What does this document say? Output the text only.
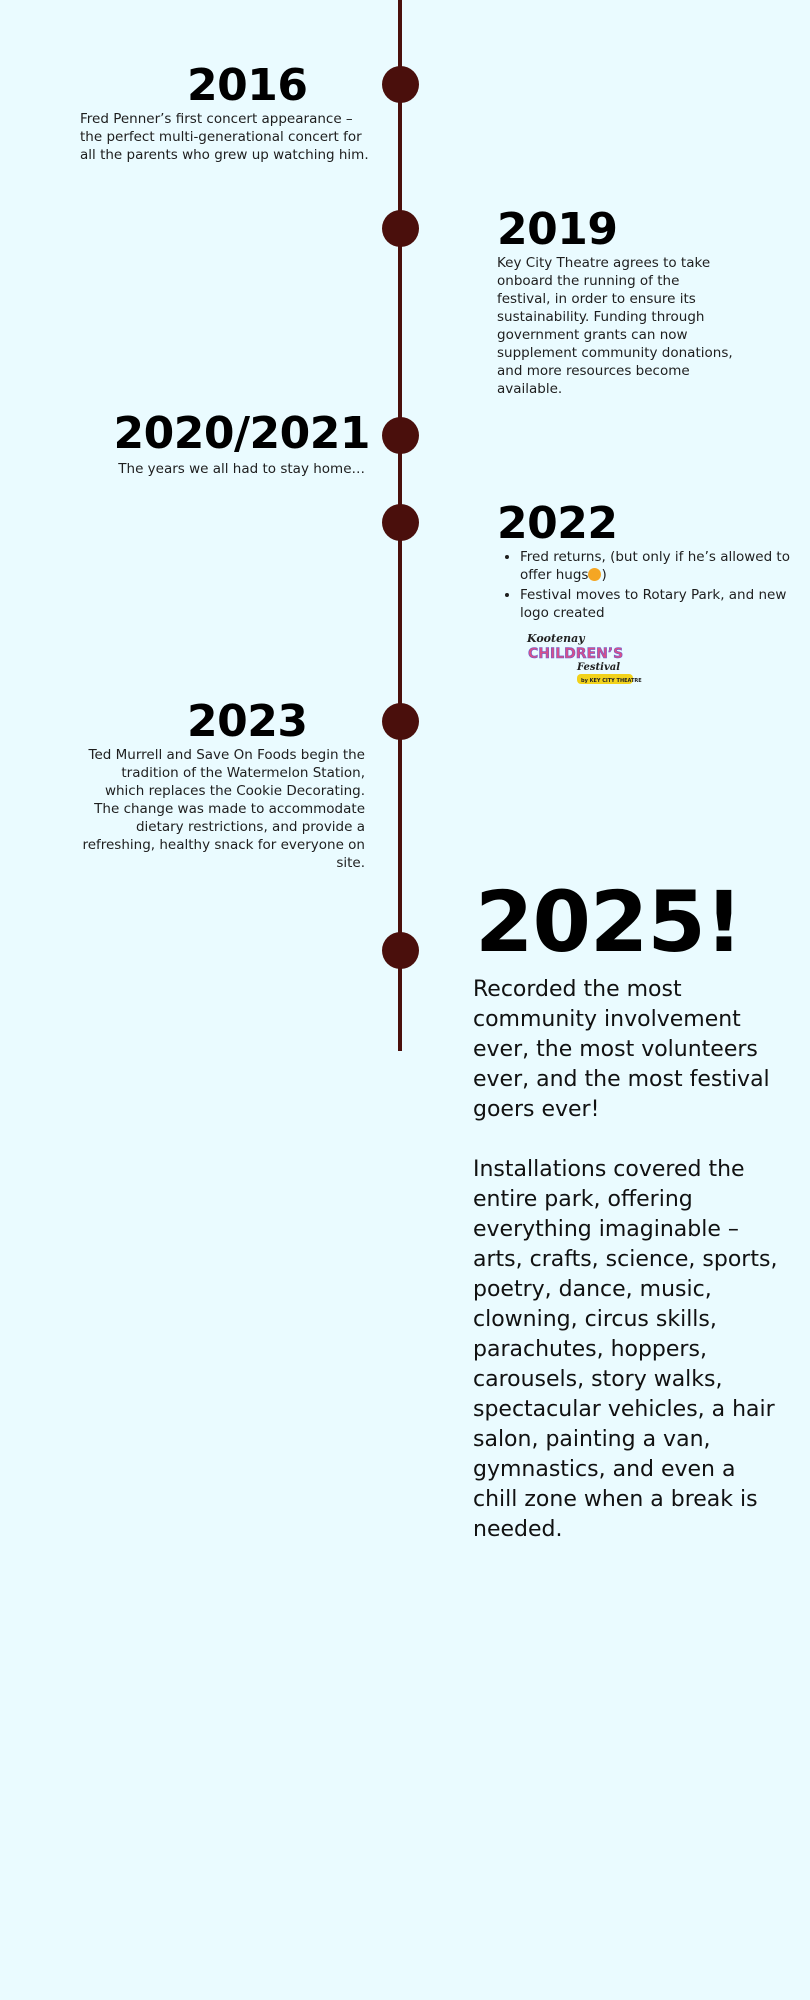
2016
Fred Penner’s first concert appearance – the perfect multi-generational concert for all the parents who grew up watching him.
2019
Key City Theatre agrees to take onboard the running of the festival, in order to ensure its sustainability. Funding through government grants can now supplement community donations, and more resources become available.
2020/2021
The years we all had to stay home…
2022
• Fred returns, (but only if he’s allowed to offer hugs )
• Festival moves to Rotary Park, and new logo created
Kootenay
CHILDREN’S
Festival
by KEY CITY THEATRE
2023
Ted Murrell and Save On Foods begin the tradition of the Watermelon Station, which replaces the Cookie Decorating. The change was made to accommodate dietary restrictions, and provide a refreshing, healthy snack for everyone on site.
2025!
Recorded the most community involvement ever, the most volunteers ever, and the most festival goers ever!
Installations covered the entire park, offering everything imaginable – arts, crafts, science, sports, poetry, dance, music, clowning, circus skills, parachutes, hoppers, carousels, story walks, spectacular vehicles, a hair salon, painting a van, gymnastics, and even a chill zone when a break is needed.
